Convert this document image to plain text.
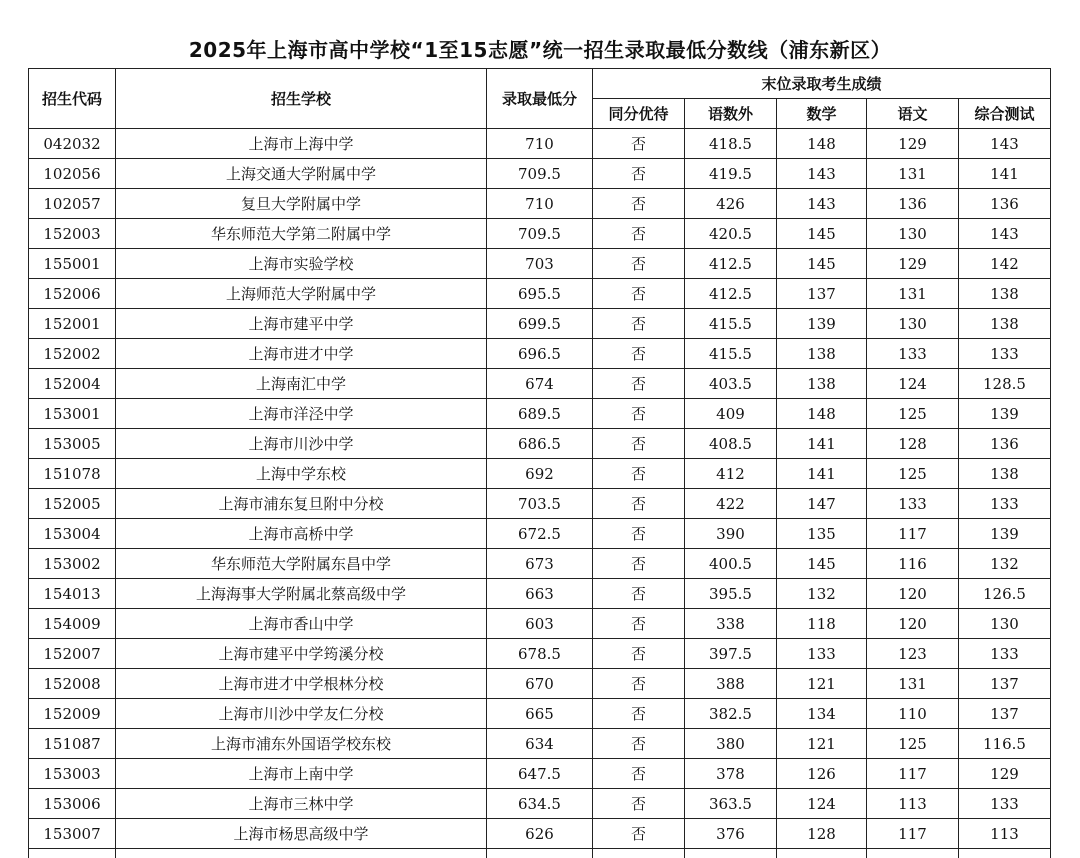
2025年上海市高中学校“1至15志愿”统一招生录取最低分数线（浦东新区）
招生代码	招生学校	录取最低分	末位录取考生成绩				
			同分优待	语数外	数学	语文	综合测试
042032	上海市上海中学	710	否	418.5	148	129	143
102056	上海交通大学附属中学	709.5	否	419.5	143	131	141
102057	复旦大学附属中学	710	否	426	143	136	136
152003	华东师范大学第二附属中学	709.5	否	420.5	145	130	143
155001	上海市实验学校	703	否	412.5	145	129	142
152006	上海师范大学附属中学	695.5	否	412.5	137	131	138
152001	上海市建平中学	699.5	否	415.5	139	130	138
152002	上海市进才中学	696.5	否	415.5	138	133	133
152004	上海南汇中学	674	否	403.5	138	124	128.5
153001	上海市洋泾中学	689.5	否	409	148	125	139
153005	上海市川沙中学	686.5	否	408.5	141	128	136
151078	上海中学东校	692	否	412	141	125	138
152005	上海市浦东复旦附中分校	703.5	否	422	147	133	133
153004	上海市高桥中学	672.5	否	390	135	117	139
153002	华东师范大学附属东昌中学	673	否	400.5	145	116	132
154013	上海海事大学附属北蔡高级中学	663	否	395.5	132	120	126.5
154009	上海市香山中学	603	否	338	118	120	130
152007	上海市建平中学筠溪分校	678.5	否	397.5	133	123	133
152008	上海市进才中学根林分校	670	否	388	121	131	137
152009	上海市川沙中学友仁分校	665	否	382.5	134	110	137
151087	上海市浦东外国语学校东校	634	否	380	121	125	116.5
153003	上海市上南中学	647.5	否	378	126	117	129
153006	上海市三林中学	634.5	否	363.5	124	113	133
153007	上海市杨思高级中学	626	否	376	128	117	113
